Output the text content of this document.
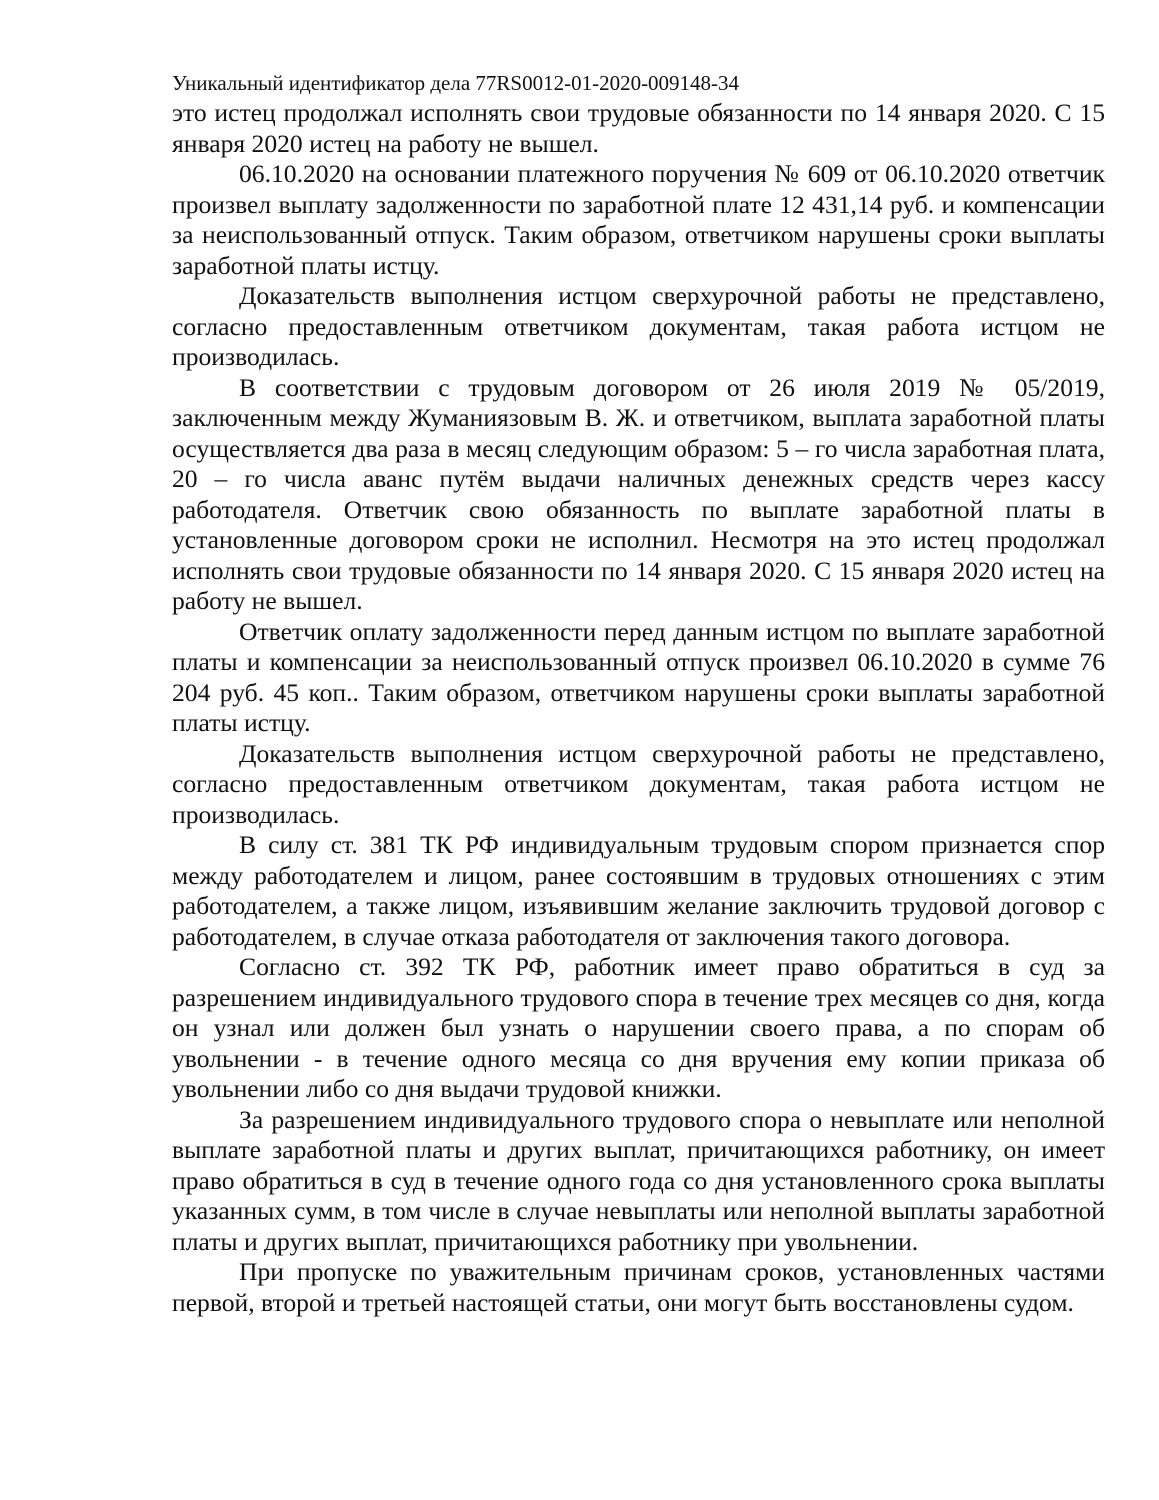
Уникальный идентификатор дела 77RS0012-01-2020-009148-34

это истец продолжал исполнять свои трудовые обязанности по 14 января 2020. С 15 января 2020 истец на работу не вышел.

06.10.2020 на основании платежного поручения № 609 от 06.10.2020 ответчик произвел выплату задолженности по заработной плате 12 431,14 руб. и компенсации за неиспользованный отпуск. Таким образом, ответчиком нарушены сроки выплаты заработной платы истцу.

Доказательств выполнения истцом сверхурочной работы не представлено, согласно предоставленным ответчиком документам, такая работа истцом не производилась.

В соответствии с трудовым договором от 26 июля 2019 № 05/2019, заключенным между Жуманиязовым В. Ж. и ответчиком, выплата заработной платы осуществляется два раза в месяц следующим образом: 5 – го числа заработная плата, 20 – го числа аванс путём выдачи наличных денежных средств через кассу работодателя. Ответчик свою обязанность по выплате заработной платы в установленные договором сроки не исполнил. Несмотря на это истец продолжал исполнять свои трудовые обязанности по 14 января 2020. С 15 января 2020 истец на работу не вышел.

Ответчик оплату задолженности перед данным истцом по выплате заработной платы и компенсации за неиспользованный отпуск произвел 06.10.2020 в сумме 76 204 руб. 45 коп.. Таким образом, ответчиком нарушены сроки выплаты заработной платы истцу.

Доказательств выполнения истцом сверхурочной работы не представлено, согласно предоставленным ответчиком документам, такая работа истцом не производилась.

В силу ст. 381 ТК РФ индивидуальным трудовым спором признается спор между работодателем и лицом, ранее состоявшим в трудовых отношениях с этим работодателем, а также лицом, изъявившим желание заключить трудовой договор с работодателем, в случае отказа работодателя от заключения такого договора.

Согласно ст. 392 ТК РФ, работник имеет право обратиться в суд за разрешением индивидуального трудового спора в течение трех месяцев со дня, когда он узнал или должен был узнать о нарушении своего права, а по спорам об увольнении - в течение одного месяца со дня вручения ему копии приказа об увольнении либо со дня выдачи трудовой книжки.

За разрешением индивидуального трудового спора о невыплате или неполной выплате заработной платы и других выплат, причитающихся работнику, он имеет право обратиться в суд в течение одного года со дня установленного срока выплаты указанных сумм, в том числе в случае невыплаты или неполной выплаты заработной платы и других выплат, причитающихся работнику при увольнении.

При пропуске по уважительным причинам сроков, установленных частями первой, второй и третьей настоящей статьи, они могут быть восстановлены судом.
